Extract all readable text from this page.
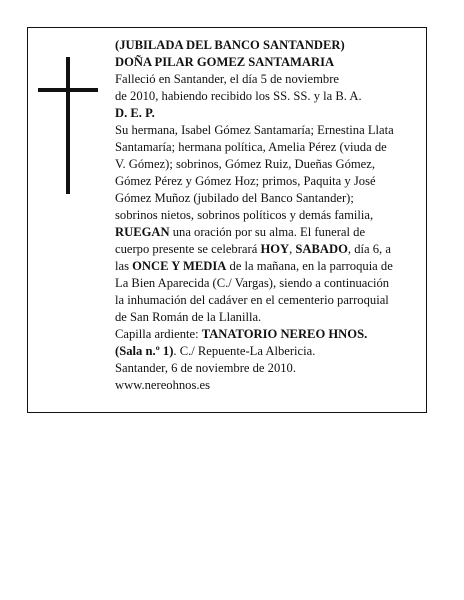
(JUBILADA DEL BANCO SANTANDER)
DOÑA PILAR GOMEZ SANTAMARIA
Falleció en Santander, el día 5 de noviembre
de 2010, habiendo recibido los SS. SS. y la B. A.
D. E. P.
Su hermana, Isabel Gómez Santamaría; Ernestina Llata
Santamaría; hermana política, Amelia Pérez (viuda de
V. Gómez); sobrinos, Gómez Ruiz, Dueñas Gómez,
Gómez Pérez y Gómez Hoz; primos, Paquita y José
Gómez Muñoz (jubilado del Banco Santander);
sobrinos nietos, sobrinos políticos y demás familia,
RUEGAN una oración por su alma. El funeral de
cuerpo presente se celebrará HOY, SABADO, día 6, a
las ONCE Y MEDIA de la mañana, en la parroquia de
La Bien Aparecida (C./ Vargas), siendo a continuación
la inhumación del cadáver en el cementerio parroquial
de San Román de la Llanilla.
Capilla ardiente: TANATORIO NEREO HNOS.
(Sala n.º 1). C./ Repuente-La Albericia.
Santander, 6 de noviembre de 2010.
www.nereohnos.es
